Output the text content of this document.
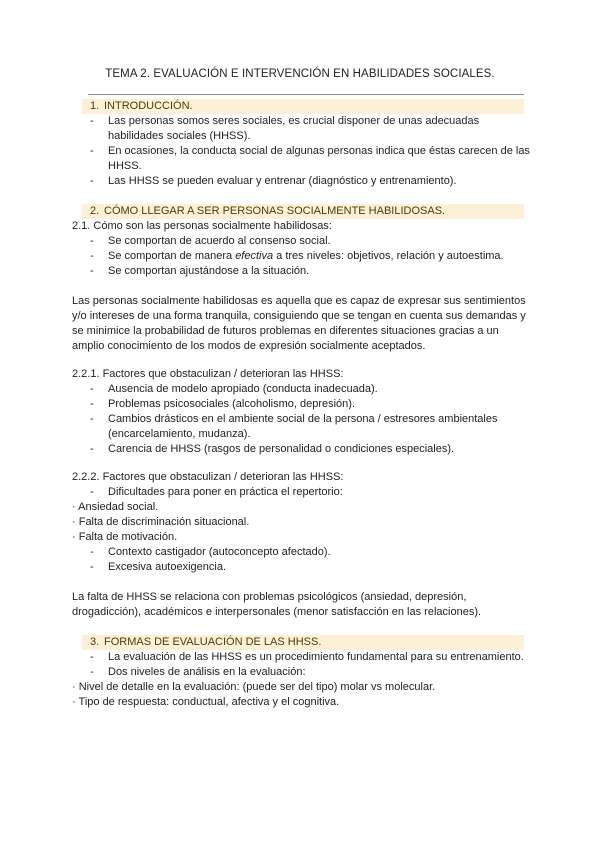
TEMA 2. EVALUACIÓN E INTERVENCIÓN EN HABILIDADES SOCIALES.
1. INTRODUCCIÓN.
- Las personas somos seres sociales, es crucial disponer de unas adecuadas habilidades sociales (HHSS).
- En ocasiones, la conducta social de algunas personas indica que éstas carecen de las HHSS.
- Las HHSS se pueden evaluar y entrenar (diagnóstico y entrenamiento).
2. CÓMO LLEGAR A SER PERSONAS SOCIALMENTE HABILIDOSAS.

2.1. Cómo son las personas socialmente habilidosas:

- Se comportan de acuerdo al consenso social.
- Se comportan de manera efectiva a tres niveles: objetivos, relación y autoestima.
- Se comportan ajustándose a la situación.

Las personas socialmente habilidosas es aquella que es capaz de expresar sus sentimientos y/o intereses de una forma tranquila, consiguiendo que se tengan en cuenta sus demandas y se minimice la probabilidad de futuros problemas en diferentes situaciones gracias a un amplio conocimiento de los modos de expresión socialmente aceptados.

2.2.1. Factores que obstaculizan / deterioran las HHSS:

- Ausencia de modelo apropiado (conducta inadecuada).
- Problemas psicosociales (alcoholismo, depresión).
- Cambios drásticos en el ambiente social de la persona / estresores ambientales (encarcelamiento, mudanza).
- Carencia de HHSS (rasgos de personalidad o condiciones especiales).

2.2.2. Factores que obstaculizan / deterioran las HHSS:

- Dificultades para poner en práctica el repertorio:

· Ansiedad social.

· Falta de discriminación situacional.

· Falta de motivación.

- Contexto castigador (autoconcepto afectado).
- Excesiva autoexigencia.

La falta de HHSS se relaciona con problemas psicológicos (ansiedad, depresión, drogadicción), académicos e interpersonales (menor satisfacción en las relaciones).

3. FORMAS DE EVALUACIÓN DE LAS HHSS.
- La evaluación de las HHSS es un procedimiento fundamental para su entrenamiento.
- Dos niveles de análisis en la evaluación:

· Nivel de detalle en la evaluación: (puede ser del tipo) molar vs molecular.

· Tipo de respuesta: conductual, afectiva y el cognitiva.
